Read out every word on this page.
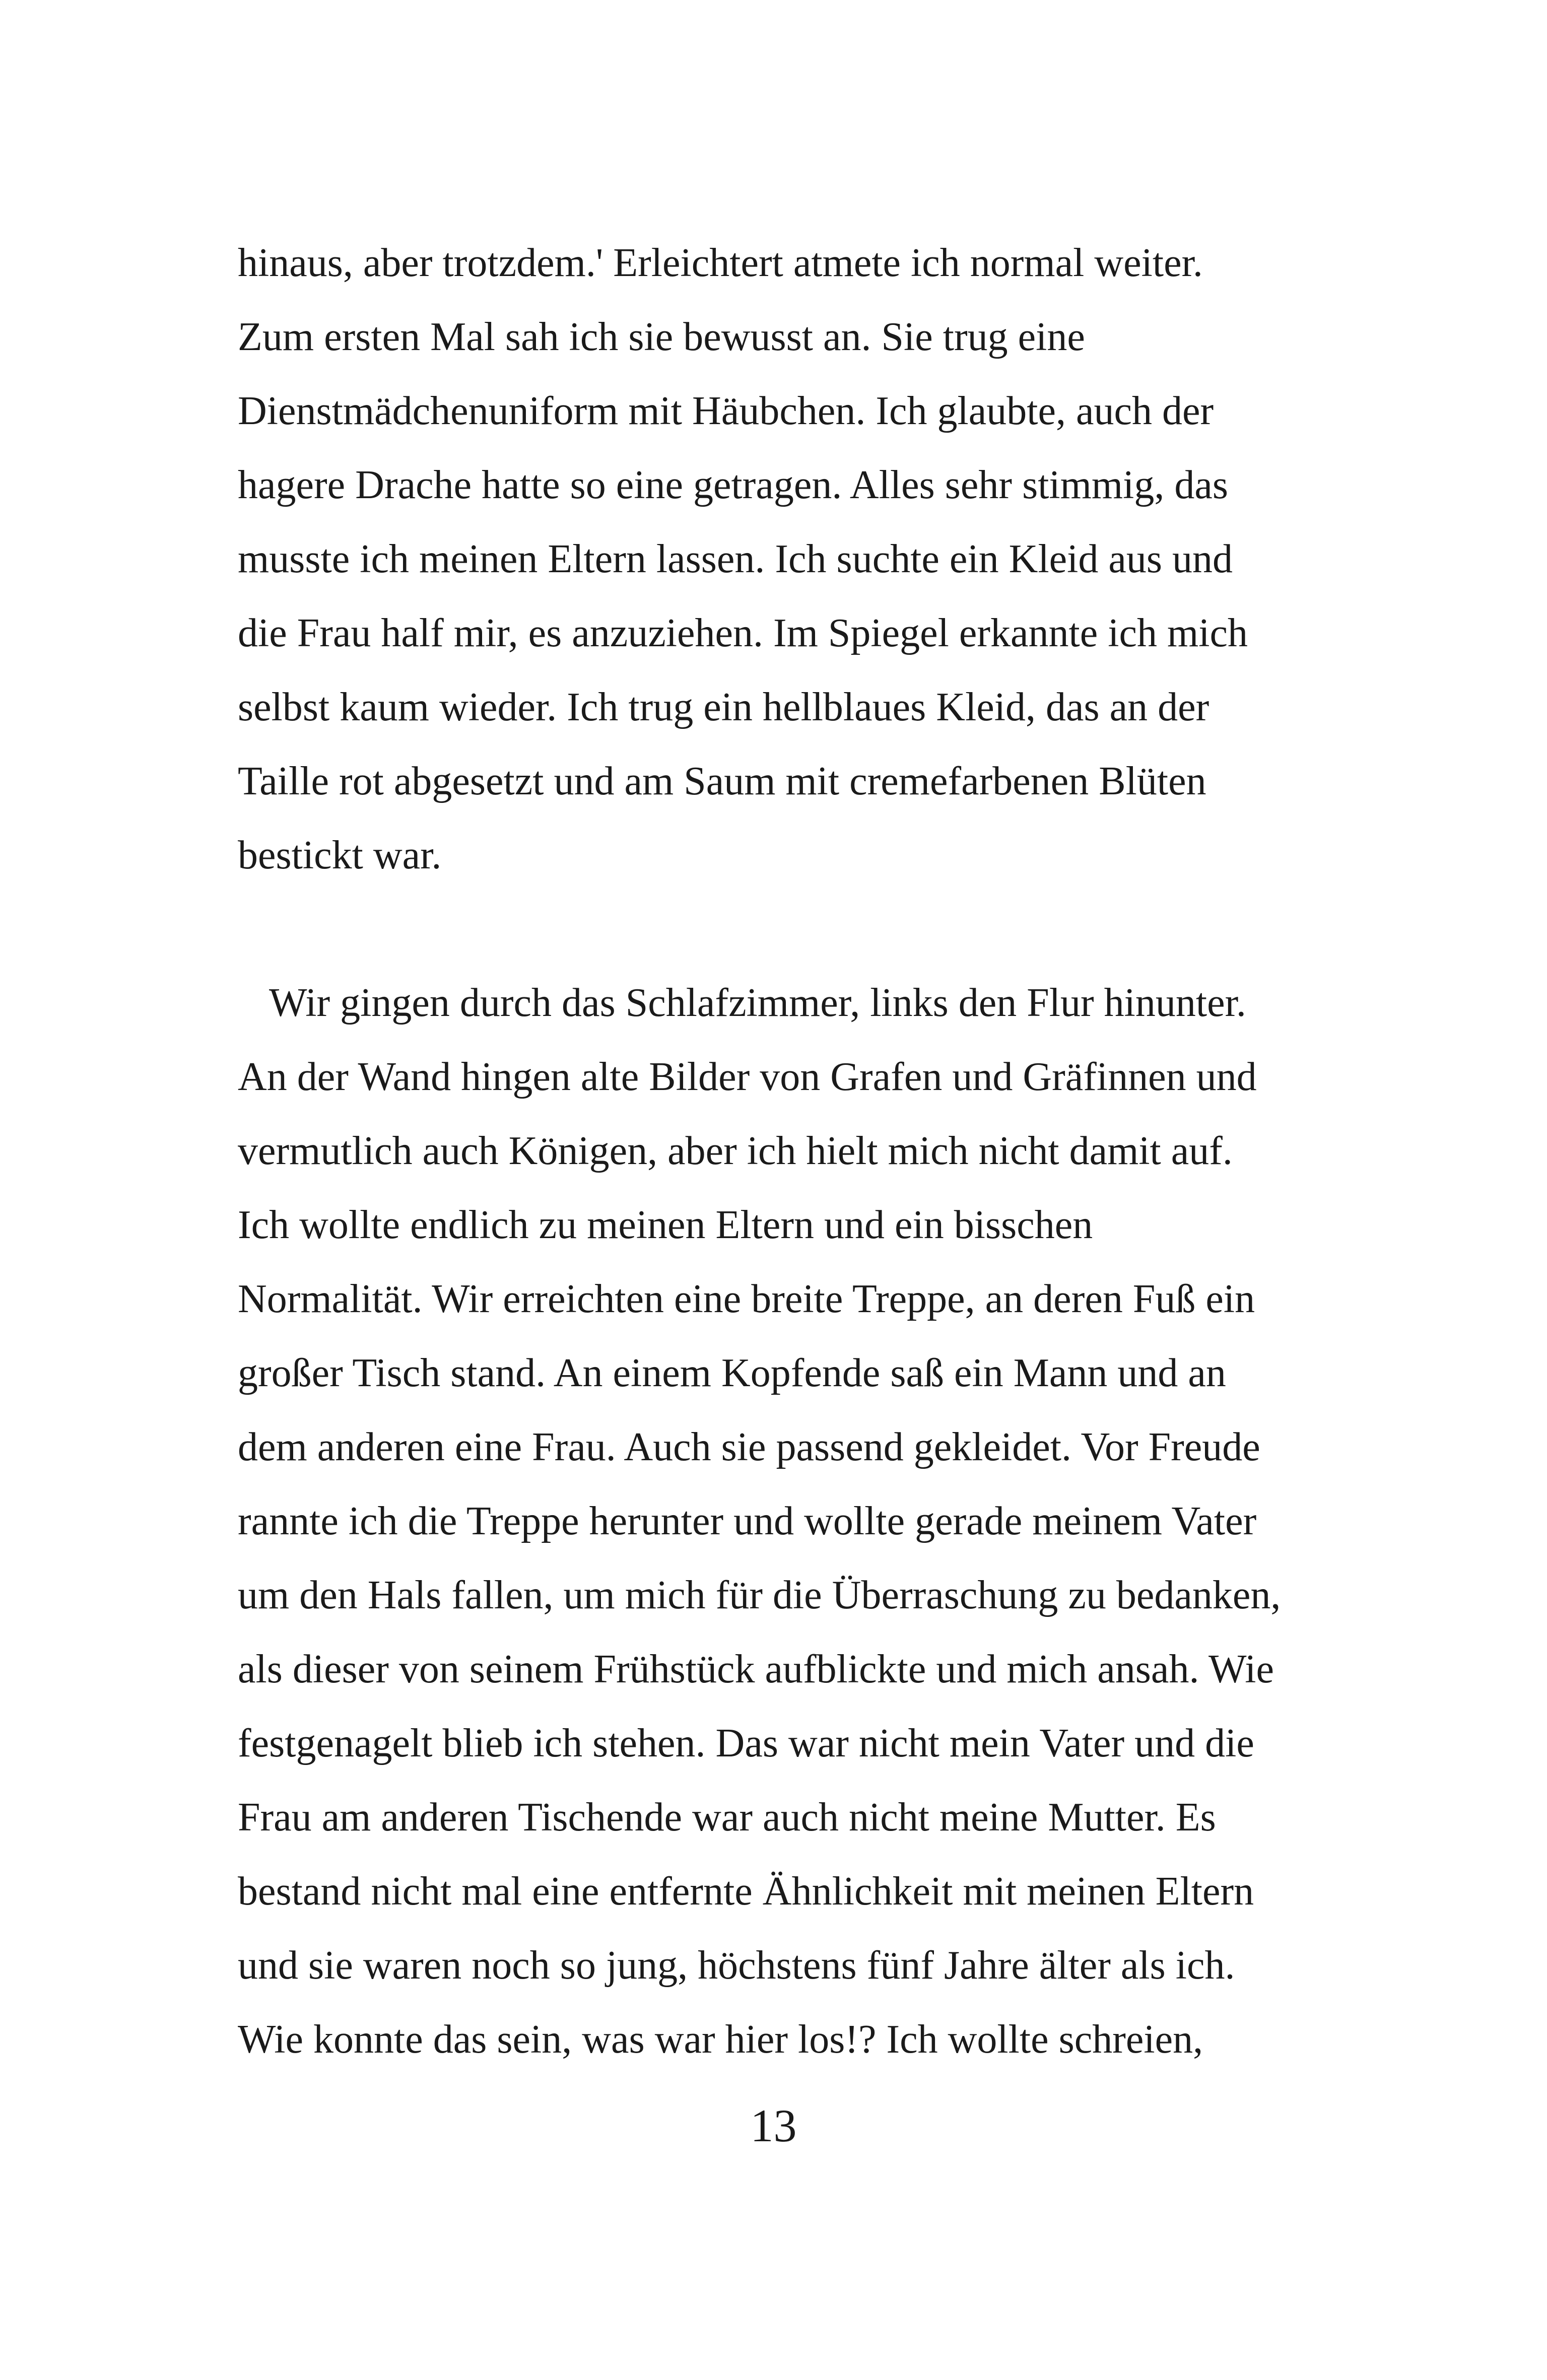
hinaus, aber trotzdem.' Erleichtert atmete ich normal weiter.
Zum ersten Mal sah ich sie bewusst an. Sie trug eine
Dienstmädchenuniform mit Häubchen. Ich glaubte, auch der
hagere Drache hatte so eine getragen. Alles sehr stimmig, das
musste ich meinen Eltern lassen. Ich suchte ein Kleid aus und
die Frau half mir, es anzuziehen. Im Spiegel erkannte ich mich
selbst kaum wieder. Ich trug ein hellblaues Kleid, das an der
Taille rot abgesetzt und am Saum mit cremefarbenen Blüten
bestickt war.

Wir gingen durch das Schlafzimmer, links den Flur hinunter.
An der Wand hingen alte Bilder von Grafen und Gräfinnen und
vermutlich auch Königen, aber ich hielt mich nicht damit auf.
Ich wollte endlich zu meinen Eltern und ein bisschen
Normalität. Wir erreichten eine breite Treppe, an deren Fuß ein
großer Tisch stand. An einem Kopfende saß ein Mann und an
dem anderen eine Frau. Auch sie passend gekleidet. Vor Freude
rannte ich die Treppe herunter und wollte gerade meinem Vater
um den Hals fallen, um mich für die Überraschung zu bedanken,
als dieser von seinem Frühstück aufblickte und mich ansah. Wie
festgenagelt blieb ich stehen. Das war nicht mein Vater und die
Frau am anderen Tischende war auch nicht meine Mutter. Es
bestand nicht mal eine entfernte Ähnlichkeit mit meinen Eltern
und sie waren noch so jung, höchstens fünf Jahre älter als ich.
Wie konnte das sein, was war hier los!? Ich wollte schreien,

13
